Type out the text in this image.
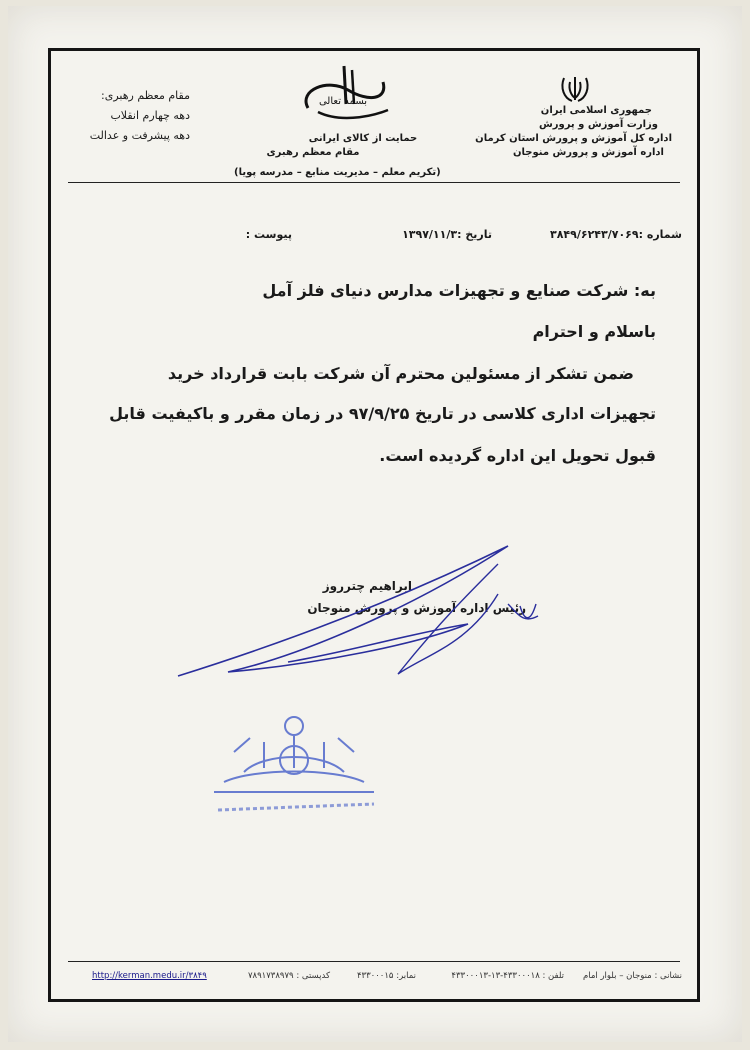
مقام معظم رهبری:
دهه چهارم انقلاب
دهه پیشرفت و عدالت
بسمه تعالی
حمایت از کالای ایرانی
مقام معظم رهبری
(تکریم معلم – مدیریت منابع – مدرسه پویا)
جمهوری اسلامی ایران
وزارت آموزش و پرورش
اداره کل آموزش و پرورش استان کرمان
اداره آموزش و پرورش منوجان
شماره :۳۸۴۹/۶۲۴۳/۷۰۶۹
تاریخ :۱۳۹۷/۱۱/۳
پیوست :
به: شرکت صنایع و تجهیزات مدارس دنیای فلز آمل
باسلام و احترام
ضمن تشکر از مسئولین محترم آن شرکت بابت قرارداد خرید
تجهیزات اداری کلاسی در تاریخ ۹۷/۹/۲۵ در زمان مقرر و باکیفیت قابل
قبول تحویل این اداره گردیده است.
ابراهیم چترروز
رئیس اداره آموزش و پرورش منوجان
نشانی : منوجان – بلوار امام
تلفن : ۴۳۳۰۰۰۱۸-۱۳-۴۳۳۰۰۰۱۳
نمابر: ۴۳۳۰۰۰۱۵
کدپستی : ۷۸۹۱۷۳۸۹۷۹
http://kerman.medu.ir/۳۸۴۹
